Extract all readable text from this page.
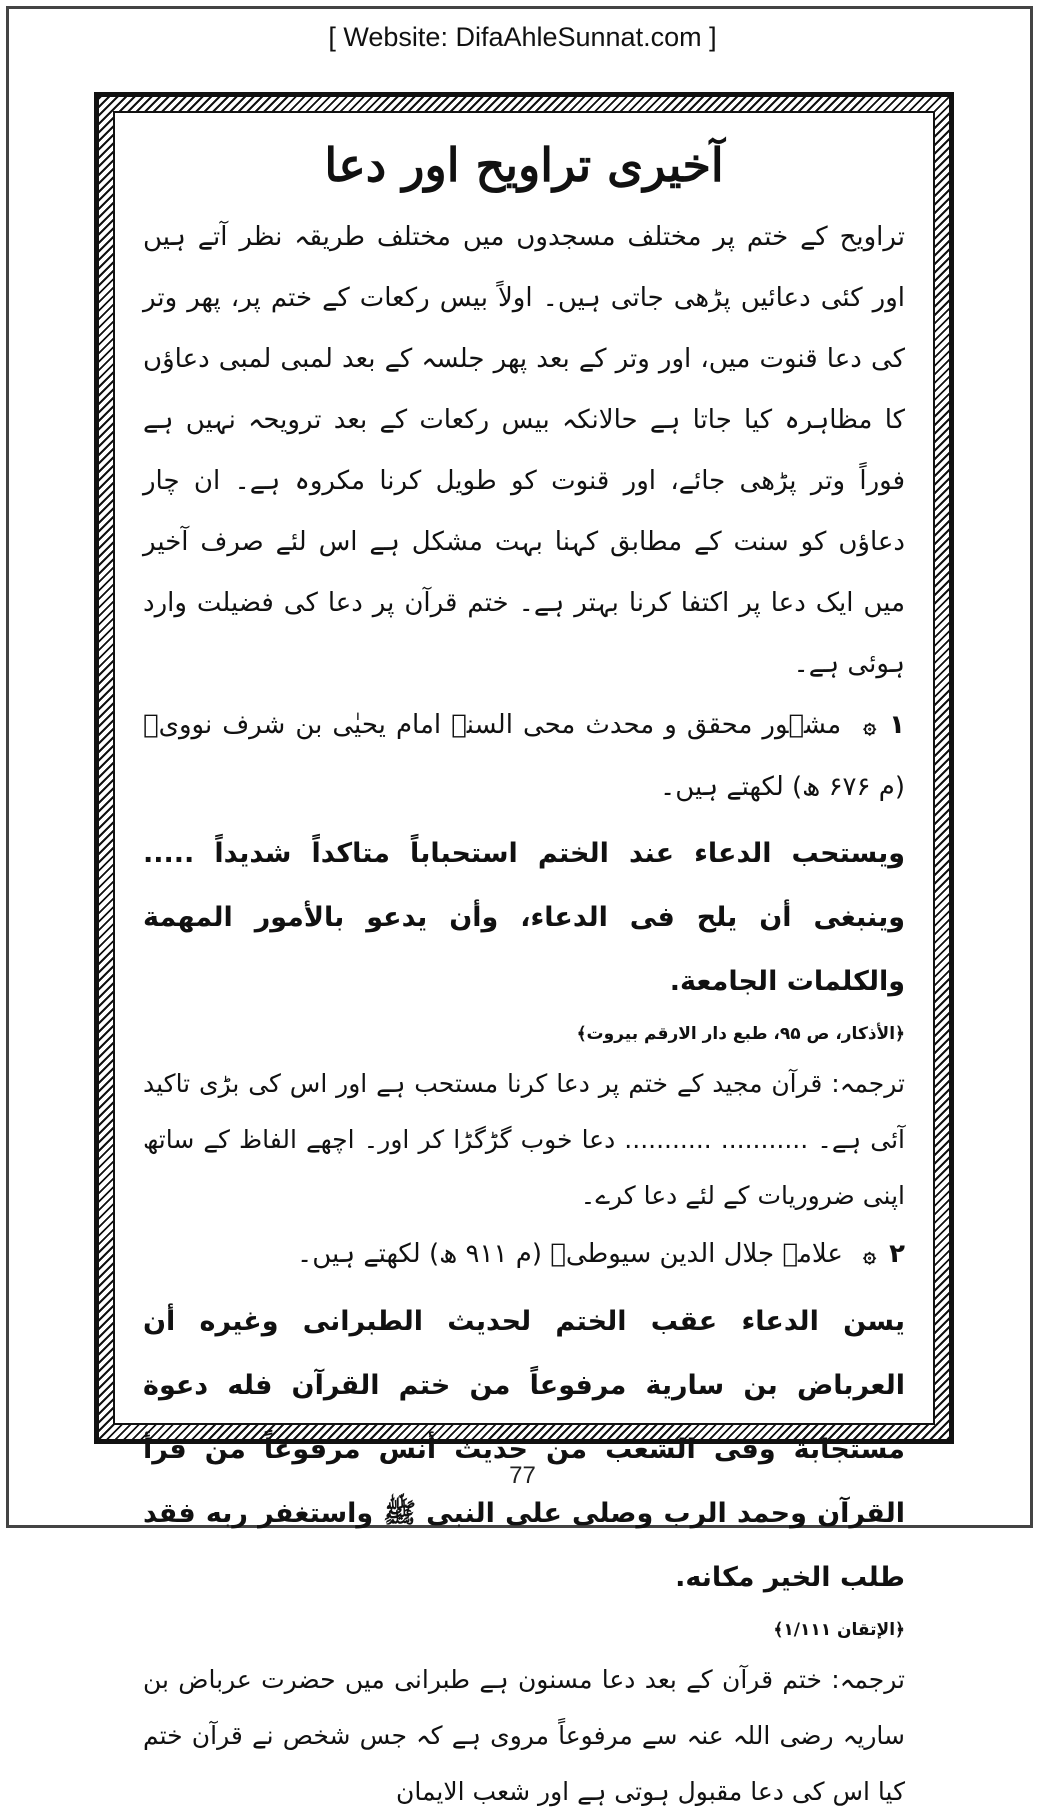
[ Website: DifaAhleSunnat.com ]
آخیری تراویح اور دعا

تراویح کے ختم پر مختلف مسجدوں میں مختلف طریقہ نظر آتے ہیں اور کئی دعائیں پڑھی جاتی ہیں۔ اولاً بیس رکعات کے ختم پر، پھر وتر کی دعا قنوت میں، اور وتر کے بعد پھر جلسہ کے بعد لمبی لمبی دعاؤں کا مظاہرہ کیا جاتا ہے حالانکہ بیس رکعات کے بعد ترویحہ نہیں ہے فوراً وتر پڑھی جائے، اور قنوت کو طویل کرنا مکروہ ہے۔ ان چار دعاؤں کو سنت کے مطابق کہنا بہت مشکل ہے اس لئے صرف آخیر میں ایک دعا پر اکتفا کرنا بہتر ہے۔ ختم قرآن پر دعا کی فضیلت وارد ہوئی ہے۔

۱ ۞ مشہور محقق و محدث محی السنۃ امام یحیٰی بن شرف نوویؒ (م ۶۷۶ ھ) لکھتے ہیں۔

ویستحب الدعاء عند الختم استحباباً متاکداً شدیداً ..... وینبغی أن یلح فی الدعاء، وأن یدعو بالأمور المهمة والکلمات الجامعة.

﴿الأذکار، ص ۹۵، طبع دار الارقم بیروت﴾

ترجمہ: قرآن مجید کے ختم پر دعا کرنا مستحب ہے اور اس کی بڑی تاکید آئی ہے۔ ........... ........... دعا خوب گڑگڑا کر اور۔ اچھے الفاظ کے ساتھ اپنی ضروریات کے لئے دعا کرے۔

۲ ۞ علامہ جلال الدین سیوطیؒ (م ۹۱۱ ھ) لکھتے ہیں۔

یسن الدعاء عقب الختم لحدیث الطبرانی وغیره أن العرباض بن ساریة مرفوعاً من ختم القرآن فله دعوة مستجابة وفی الشعب من حدیث أنس مرفوعاً من قرأ القرآن وحمد الرب وصلی علی النبی ﷺ واستغفر ربه فقد طلب الخیر مکانه.

﴿الإتقان ۱/۱۱۱﴾

ترجمہ: ختم قرآن کے بعد دعا مسنون ہے طبرانی میں حضرت عرباض بن ساریہ رضی اللہ عنہ سے مرفوعاً مروی ہے کہ جس شخص نے قرآن ختم کیا اس کی دعا مقبول ہوتی ہے اور شعب الایمان

77
